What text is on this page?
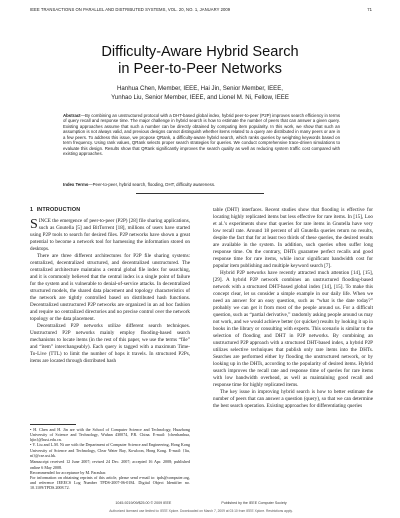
IEEE TRANSACTIONS ON PARALLEL AND DISTRIBUTED SYSTEMS, VOL. 20, NO. 1, JANUARY 2009	71
Difficulty-Aware Hybrid Search
in Peer-to-Peer Networks
Hanhua Chen, Member, IEEE, Hai Jin, Senior Member, IEEE,
Yunhao Liu, Senior Member, IEEE, and Lionel M. Ni, Fellow, IEEE
Abstract—By combining an unstructured protocol with a DHT-based global index, hybrid peer-to-peer (P2P) improves search efficiency in terms of query recall and response time. The major challenge in hybrid search is how to estimate the number of peers that can answer a given query. Existing approaches assume that such a number can be directly obtained by computing item popularity. In this work, we show that such an assumption is not always valid, and previous designs cannot distinguish whether items related to a query are distributed in many peers or are in a few peers. To address this issue, we propose QRank, a difficulty-aware hybrid search, which ranks queries by weighting keywords based on term frequency. Using rank values, QRank selects proper search strategies for queries. We conduct comprehensive trace-driven simulations to evaluate this design. Results show that QRank significantly improves the search quality as well as reducing system traffic cost compared with existing approaches.
Index Terms—Peer-to-peer, hybrid search, flooding, DHT, difficulty awareness.
1 INTRODUCTION

SINCE the emergence of peer-to-peer (P2P) [28] file sharing applications, such as Gnutella [5] and BitTorrent [18], millions of users have started using P2P tools to search for desired files. P2P networks have shown a great potential to become a network tool for harnessing the information stored on desktops.

There are three different architectures for P2P file sharing systems: centralized, decentralized structured, and decentralized unstructured. The centralized architecture maintains a central global file index for searching, and it is commonly believed that the central index is a single point of failure for the system and is vulnerable to denial-of-service attacks. In decentralized structured models, the shared data placement and topology characteristics of the network are tightly controlled based on distributed hash functions. Decentralized unstructured P2P networks are organized in an ad hoc fashion and require no centralized directories and no precise control over the network topology or the data placement.

Decentralized P2P networks utilize different search techniques. Unstructured P2P networks mainly employ flooding-based search mechanisms to locate items (in the rest of this paper, we use the terms “file” and “item” interchangeably). Each query is tagged with a maximum Time-To-Live (TTL) to limit the number of hops it travels. In structured P2Ps, items are located through distributed hash

table (DHT) interfaces. Recent studies show that flooding is effective for locating highly replicated items but less effective for rare items. In [15], Loo et al.’s experiments show that queries for rare items in Gnutella have very low recall rate. Around 18 percent of all Gnutella queries return no results, despite the fact that for at least two thirds of these queries, the desired results are available in the system. In addition, such queries often suffer long response time. On the contrary, DHTs guarantee perfect recalls and good response time for rare items, while incur significant bandwidth cost for popular item publishing and multiple keyword search [7].

Hybrid P2P networks have recently attracted much attention [14], [15], [29]. A hybrid P2P network combines an unstructured flooding-based network with a structured DHT-based global index [14], [15]. To make this concept clear, let us consider a simple example in our daily life. When we need an answer for an easy question, such as “what is the date today?” probably we can get it from most of the people around us. For a difficult question, such as “partial derivative,” randomly asking people around us may not work, and we would achieve better (or quicker) results by looking it up in books in the library or consulting with experts. This scenario is similar to the selection of flooding and DHT in P2P networks. By combining an unstructured P2P approach with a structured DHT-based index, a hybrid P2P utilizes selective techniques that publish only rare items into the DHTs. Searches are performed either by flooding the unstructured network, or by looking up in the DHTs, according to the popularity of desired items. Hybrid search improves the recall rate and response time of queries for rare items with low bandwidth overhead, as well as maintaining good recall and response time for highly replicated items.

The key issue in improving hybrid search is how to better estimate the number of peers that can answer a question (query), so that we can determine the best search operation. Existing approaches for differentiating queries

• H. Chen and H. Jin are with the School of Computer Science and Technology, Huazhong University of Science and Technology, Wuhan 430074, P.R. China. E-mail: {chenhanhua, hjin}@hust.edu.cn.
• Y. Liu and L.M. Ni are with the Department of Computer Science and Engineering, Hong Kong University of Science and Technology, Clear Water Bay, Kowloon, Hong Kong. E-mail: {liu, ni}@cse.ust.hk.
Manuscript received 12 June 2007; revised 24 Dec. 2007; accepted 16 Apr. 2008; published online 6 May 2008.
Recommended for acceptance by M. Parashar.
For information on obtaining reprints of this article, please send e-mail to: tpds@computer.org, and reference IEEECS Log Number TPDS-2007-06-0184. Digital Object Identifier no. 10.1109/TPDS.2008.72.
1045-9219/09/$25.00 © 2009 IEEE	Published by the IEEE Computer Society
Authorized licensed use limited to: IEEE Xplore. Downloaded on March 7, 2009 at 03:10 from IEEE Xplore. Restrictions apply.
